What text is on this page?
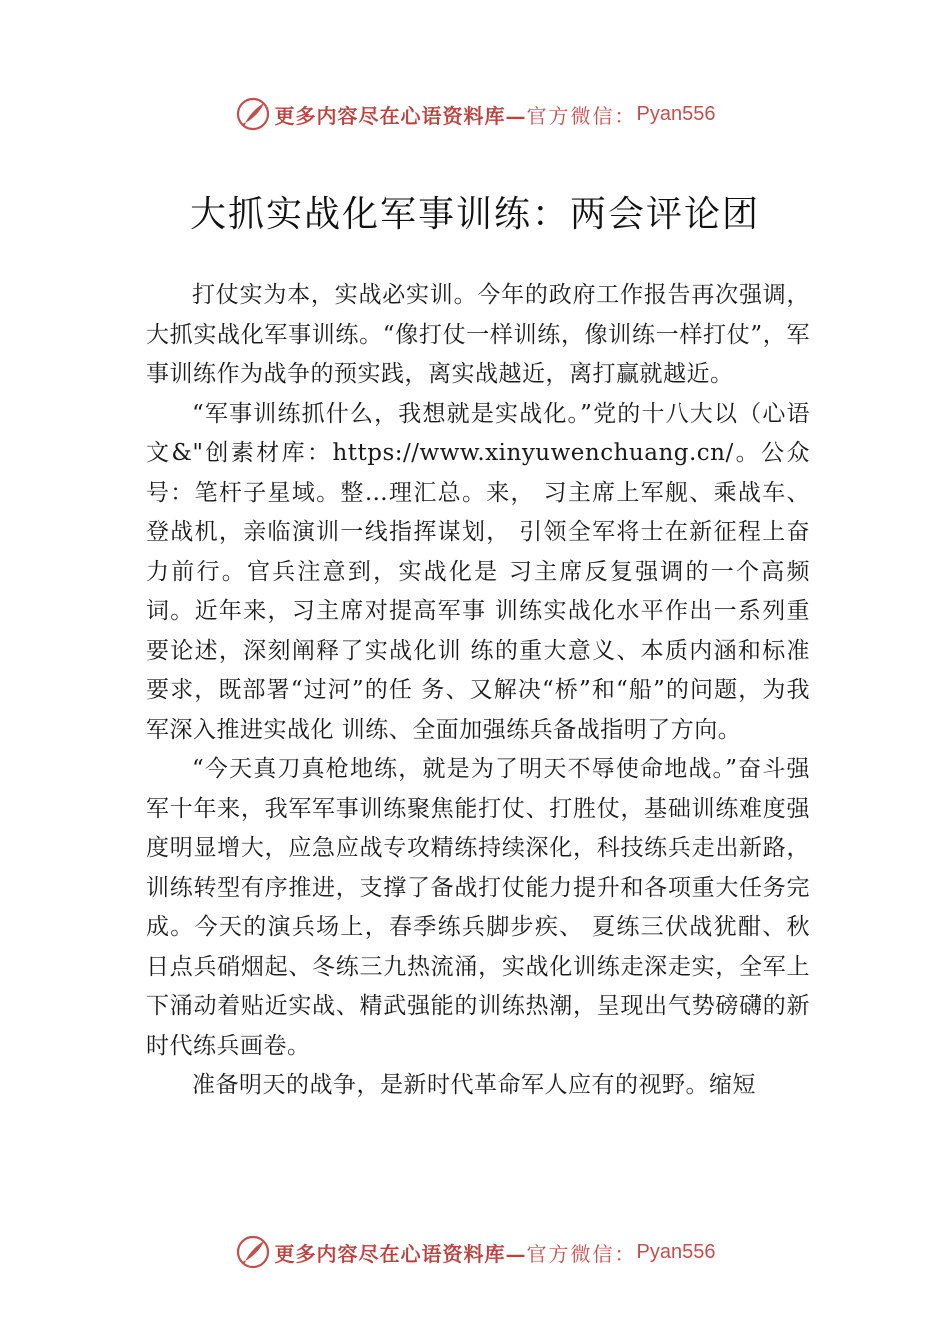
更多内容尽在心语资料库— 官方微信： Pyan556
大抓实战化军事训练：两会评论团

打仗实为本，实战必实训。今年的政府工作报告再次强调，大抓实战化军事训练。“像打仗一样训练，像训练一样打仗”，军事训练作为战争的预实践，离实战越近，离打赢就越近。

“军事训练抓什么，我想就是实战化。”党的十八大以（心语文&"创素材库：https://www.xinyuwenchuang.cn/。公众号：笔杆子星域。整…理汇总。来， 习主席上军舰、乘战车、登战机，亲临演训一线指挥谋划， 引领全军将士在新征程上奋力前行。官兵注意到，实战化是 习主席反复强调的一个高频词。近年来，习主席对提高军事 训练实战化水平作出一系列重要论述，深刻阐释了实战化训 练的重大意义、本质内涵和标准要求，既部署“过河”的任 务、又解决“桥”和“船”的问题，为我军深入推进实战化 训练、全面加强练兵备战指明了方向。

“今天真刀真枪地练，就是为了明天不辱使命地战。”奋斗强军十年来，我军军事训练聚焦能打仗、打胜仗，基础训练难度强度明显增大，应急应战专攻精练持续深化，科技练兵走出新路，训练转型有序推进，支撑了备战打仗能力提升和各项重大任务完成。今天的演兵场上，春季练兵脚步疾、 夏练三伏战犹酣、秋日点兵硝烟起、冬练三九热流涌，实战化训练走深走实，全军上下涌动着贴近实战、精武强能的训练热潮，呈现出气势磅礴的新时代练兵画卷。

准备明天的战争，是新时代革命军人应有的视野。缩短

更多内容尽在心语资料库— 官方微信： Pyan556
